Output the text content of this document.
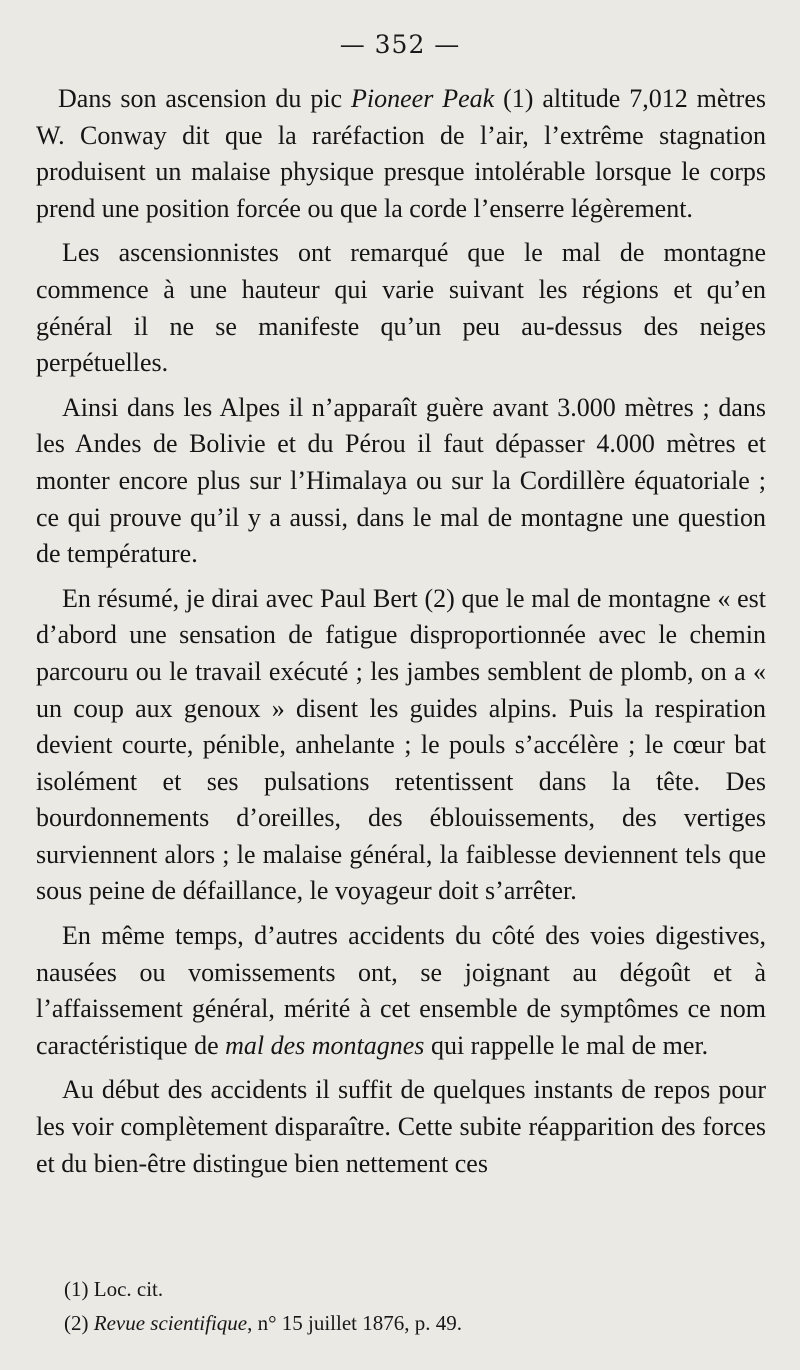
— 352 —

Dans son ascension du pic Pioneer Peak (1) altitude 7,012 mètres W. Conway dit que la raréfaction de l’air, l’extrême stagnation produisent un malaise physique presque intolérable lorsque le corps prend une position forcée ou que la corde l’enserre légèrement.

Les ascensionnistes ont remarqué que le mal de montagne commence à une hauteur qui varie suivant les régions et qu’en général il ne se manifeste qu’un peu au-dessus des neiges perpétuelles.

Ainsi dans les Alpes il n’apparaît guère avant 3.000 mètres ; dans les Andes de Bolivie et du Pérou il faut dépasser 4.000 mètres et monter encore plus sur l’Himalaya ou sur la Cordillère équatoriale ; ce qui prouve qu’il y a aussi, dans le mal de montagne une question de température.

En résumé, je dirai avec Paul Bert (2) que le mal de montagne « est d’abord une sensation de fatigue disproportionnée avec le chemin parcouru ou le travail exécuté ; les jambes semblent de plomb, on a « un coup aux genoux » disent les guides alpins. Puis la respiration devient courte, pénible, anhelante ; le pouls s’accélère ; le cœur bat isolément et ses pulsations retentissent dans la tête. Des bourdonnements d’oreilles, des éblouissements, des vertiges surviennent alors ; le malaise général, la faiblesse deviennent tels que sous peine de défaillance, le voyageur doit s’arrêter.

En même temps, d’autres accidents du côté des voies digestives, nausées ou vomissements ont, se joignant au dégoût et à l’affaissement général, mérité à cet ensemble de symptômes ce nom caractéristique de mal des montagnes qui rappelle le mal de mer.

Au début des accidents il suffit de quelques instants de repos pour les voir complètement disparaître. Cette subite réapparition des forces et du bien-être distingue bien nettement ces

(1) Loc. cit.
(2) Revue scientifique, n° 15 juillet 1876, p. 49.
